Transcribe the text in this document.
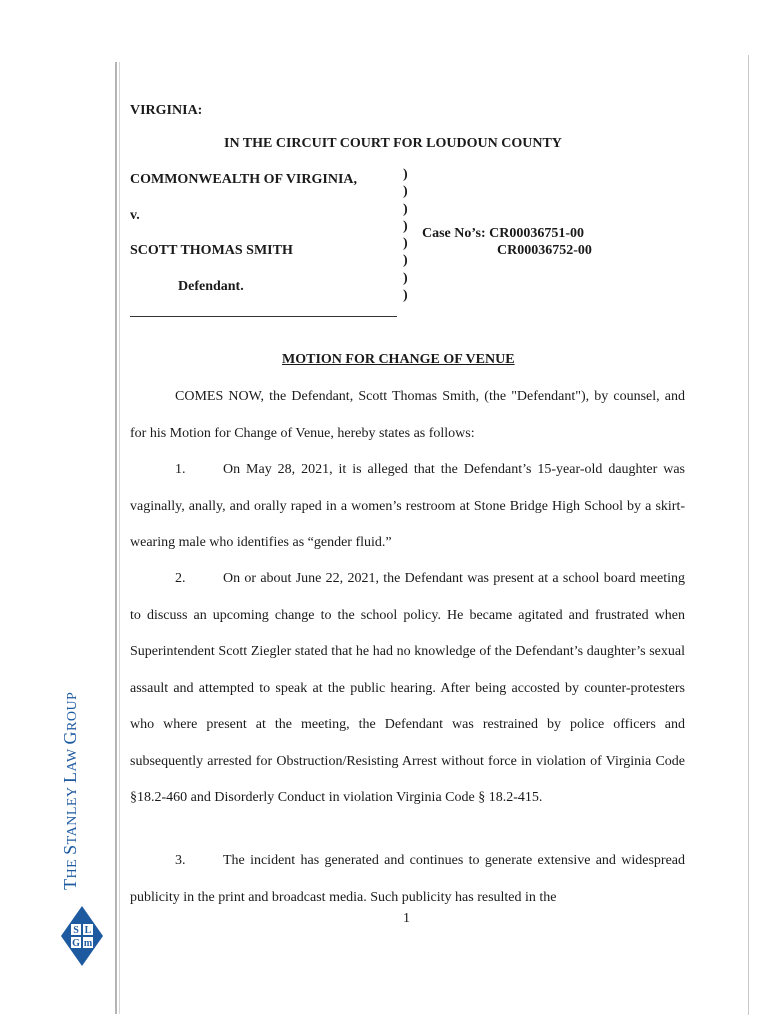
VIRGINIA:
IN THE CIRCUIT COURT FOR LOUDOUN COUNTY
COMMONWEALTH OF VIRGINIA,
v.
SCOTT THOMAS SMITH
Defendant.
)
)
)
)
)
)
)
)
Case No’s: CR00036751-00
CR00036752-00
MOTION FOR CHANGE OF VENUE

COMES NOW, the Defendant, Scott Thomas Smith, (the "Defendant"), by counsel, and for his Motion for Change of Venue, hereby states as follows:

1.	On May 28, 2021, it is alleged that the Defendant’s 15-year-old daughter was vaginally, anally, and orally raped in a women’s restroom at Stone Bridge High School by a skirt-wearing male who identifies as “gender fluid.”

2.	On or about June 22, 2021, the Defendant was present at a school board meeting to discuss an upcoming change to the school policy. He became agitated and frustrated when Superintendent Scott Ziegler stated that he had no knowledge of the Defendant’s daughter’s sexual assault and attempted to speak at the public hearing. After being accosted by counter-protesters who where present at the meeting, the Defendant was restrained by police officers and subsequently arrested for Obstruction/Resisting Arrest without force in violation of Virginia Code §18.2-460 and Disorderly Conduct in violation Virginia Code § 18.2-415.

3.	The incident has generated and continues to generate extensive and widespread publicity in the print and broadcast media. Such publicity has resulted in the

1
THE STANLEY LAW GROUP
S L
G m
